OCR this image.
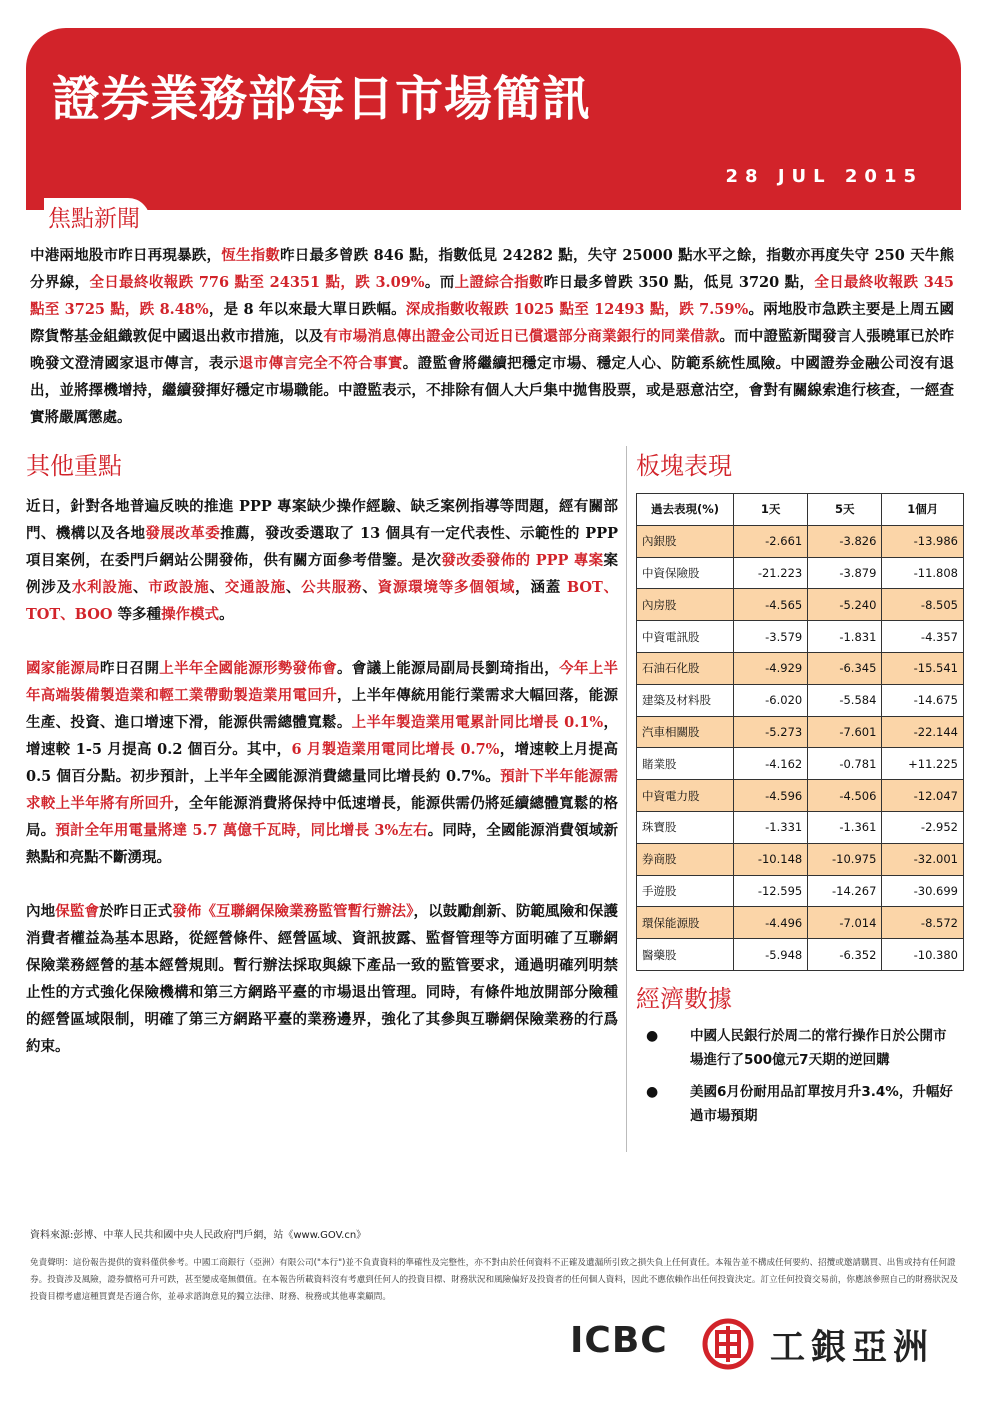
證券業務部每日市場簡訊
28 JUL 2015
焦點新聞
中港兩地股市昨日再現暴跌，恆生指數昨日最多曾跌 846 點，指數低見 24282 點，失守 25000 點水平之餘，指數亦再度失守 250 天牛熊分界線，全日最終收報跌 776 點至 24351 點，跌 3.09%。而上證綜合指數昨日最多曾跌 350 點，低見 3720 點，全日最終收報跌 345 點至 3725 點，跌 8.48%，是 8 年以來最大單日跌幅。深成指數收報跌 1025 點至 12493 點，跌 7.59%。兩地股市急跌主要是上周五國際貨幣基金組織敦促中國退出救市措施，以及有市場消息傳出證金公司近日已償還部分商業銀行的同業借款。而中證監新聞發言人張曉軍已於昨晚發文澄清國家退市傳言，表示退市傳言完全不符合事實。證監會將繼續把穩定市場、穩定人心、防範系統性風險。中國證券金融公司沒有退出，並將擇機增持，繼續發揮好穩定市場職能。中證監表示，不排除有個人大戶集中拋售股票，或是惡意沽空，會對有關線索進行核查，一經查實將嚴厲懲處。
其他重點

近日，針對各地普遍反映的推進 PPP 專案缺少操作經驗、缺乏案例指導等問題，經有關部門、機構以及各地發展改革委推薦，發改委選取了 13 個具有一定代表性、示範性的 PPP 項目案例，在委門戶網站公開發佈，供有關方面參考借鑒。是次發改委發佈的 PPP 專案案例涉及水利設施、市政設施、交通設施、公共服務、資源環境等多個領域，涵蓋 BOT、TOT、BOO 等多種操作模式。

國家能源局昨日召開上半年全國能源形勢發佈會。會議上能源局副局長劉琦指出，今年上半年高端裝備製造業和輕工業帶動製造業用電回升，上半年傳統用能行業需求大幅回落，能源生產、投資、進口增速下滑，能源供需總體寬鬆。上半年製造業用電累計同比增長 0.1%，增速較 1-5 月提高 0.2 個百分。其中，6 月製造業用電同比增長 0.7%，增速較上月提高 0.5 個百分點。初步預計，上半年全國能源消費總量同比增長約 0.7%。預計下半年能源需求較上半年將有所回升，全年能源消費將保持中低速增長，能源供需仍將延續總體寬鬆的格局。預計全年用電量將達 5.7 萬億千瓦時，同比增長 3%左右。同時，全國能源消費領域新熱點和亮點不斷湧現。

內地保監會於昨日正式發佈《互聯網保險業務監管暫行辦法》，以鼓勵創新、防範風險和保護消費者權益為基本思路，從經營條件、經營區域、資訊披露、監督管理等方面明確了互聯網保險業務經營的基本經營規則。暫行辦法採取與線下產品一致的監管要求，通過明確列明禁止性的方式強化保險機構和第三方網路平臺的市場退出管理。同時，有條件地放開部分險種的經營區域限制，明確了第三方網路平臺的業務邊界，強化了其參與互聯網保險業務的行爲約束。

板塊表現
過去表現(%)	1天	5天	1個月
內銀股	-2.661	-3.826	-13.986
中資保險股	-21.223	-3.879	-11.808
內房股	-4.565	-5.240	-8.505
中資電訊股	-3.579	-1.831	-4.357
石油石化股	-4.929	-6.345	-15.541
建築及材料股	-6.020	-5.584	-14.675
汽車相關股	-5.273	-7.601	-22.144
賭業股	-4.162	-0.781	+11.225
中資電力股	-4.596	-4.506	-12.047
珠寶股	-1.331	-1.361	-2.952
券商股	-10.148	-10.975	-32.001
手遊股	-12.595	-14.267	-30.699
環保能源股	-4.496	-7.014	-8.572
醫藥股	-5.948	-6.352	-10.380
經濟數據
● 中國人民銀行於周二的常行操作日於公開市場進行了500億元7天期的逆回購
● 美國6月份耐用品訂單按月升3.4%，升幅好過市場預期
資料來源:彭博、中華人民共和國中央人民政府門戶網，站《www.GOV.cn》
免責聲明：這份報告提供的資料僅供參考。中國工商銀行（亞洲）有限公司("本行")並不負責資料的準確性及完整性，亦不對由於任何資料不正確及遺漏所引致之損失負上任何責任。本報告並不構成任何要約、招攬或邀請購買、出售或持有任何證券。投資涉及風險，證券價格可升可跌，甚至變成毫無價值。在本報告所載資料沒有考慮到任何人的投資目標、財務狀況和風險偏好及投資者的任何個人資料，因此不應依賴作出任何投資決定。訂立任何投資交易前，你應該參照自己的財務狀況及投資目標考慮這種買賣是否適合你，並尋求諮詢意見的獨立法律、財務、稅務或其他專業顧問。
ICBC	工銀亞洲
